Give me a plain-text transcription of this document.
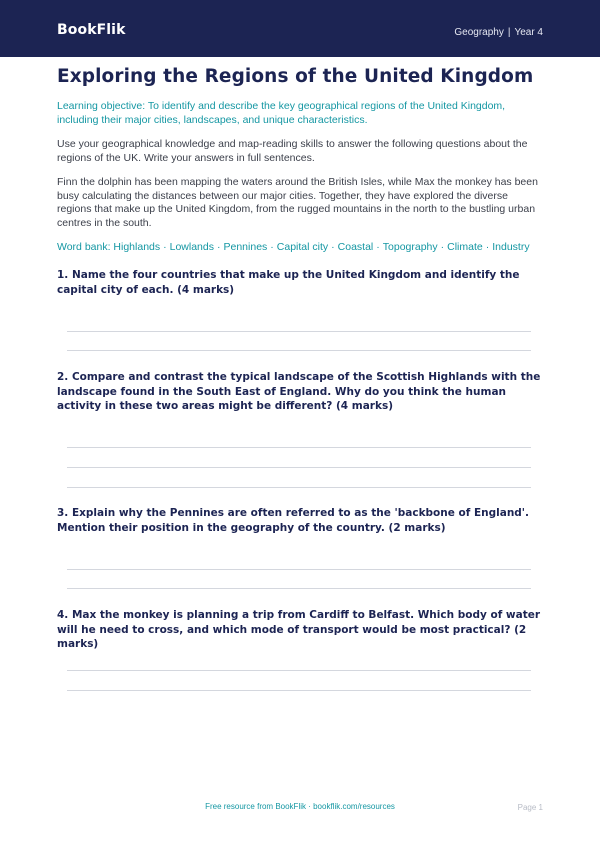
BookFlik	Geography | Year 4
Exploring the Regions of the United Kingdom
Learning objective: To identify and describe the key geographical regions of the United Kingdom, including their major cities, landscapes, and unique characteristics.
Use your geographical knowledge and map-reading skills to answer the following questions about the regions of the UK. Write your answers in full sentences.
Finn the dolphin has been mapping the waters around the British Isles, while Max the monkey has been busy calculating the distances between our major cities. Together, they have explored the diverse regions that make up the United Kingdom, from the rugged mountains in the north to the bustling urban centres in the south.
Word bank: Highlands · Lowlands · Pennines · Capital city · Coastal · Topography · Climate · Industry
1. Name the four countries that make up the United Kingdom and identify the capital city of each. (4 marks)
2. Compare and contrast the typical landscape of the Scottish Highlands with the landscape found in the South East of England. Why do you think the human activity in these two areas might be different? (4 marks)
3. Explain why the Pennines are often referred to as the 'backbone of England'. Mention their position in the geography of the country. (2 marks)
4. Max the monkey is planning a trip from Cardiff to Belfast. Which body of water will he need to cross, and which mode of transport would be most practical? (2 marks)
Free resource from BookFlik · bookflik.com/resources	Page 1
